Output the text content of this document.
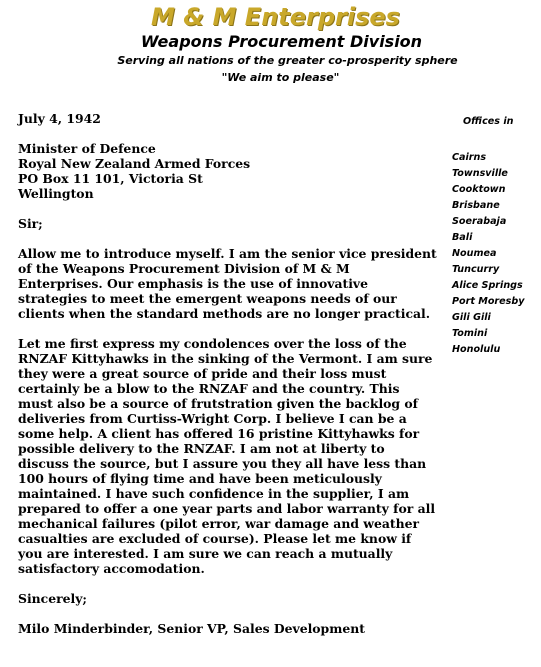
M & M Enterprises
Weapons Procurement Division
Serving all nations of the greater co-prosperity sphere
"We aim to please"

July 4, 1942

Minister of Defence
Royal New Zealand Armed Forces
PO Box 11 101, Victoria St
Wellington

Sir;

Allow me to introduce myself. I am the senior vice president of the Weapons Procurement Division of M & M Enterprises. Our emphasis is the use of innovative strategies to meet the emergent weapons needs of our clients when the standard methods are no longer practical.

Let me first express my condolences over the loss of the RNZAF Kittyhawks in the sinking of the Vermont. I am sure they were a great source of pride and their loss must certainly be a blow to the RNZAF and the country. This must also be a source of frutstration given the backlog of deliveries from Curtiss-Wright Corp. I believe I can be a some help. A client has offered 16 pristine Kittyhawks for possible delivery to the RNZAF. I am not at liberty to discuss the source, but I assure you they all have less than 100 hours of flying time and have been meticulously maintained. I have such confidence in the supplier, I am prepared to offer a one year parts and labor warranty for all mechanical failures (pilot error, war damage and weather casualties are excluded of course). Please let me know if you are interested. I am sure we can reach a mutually satisfactory accomodation.

Sincerely;

Milo Minderbinder, Senior VP, Sales Development

Offices in
Cairns
Townsville
Cooktown
Brisbane
Soerabaja
Bali
Noumea
Tuncurry
Alice Springs
Port Moresby
Gili Gili
Tomini
Honolulu
